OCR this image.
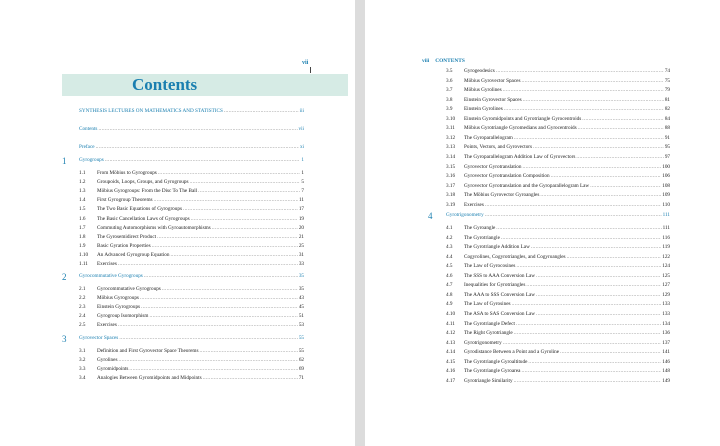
vii
Contents
SYNTHESIS LECTURES ON MATHEMATICS AND STATISTICS .....	iii
Contents .....	vii
Preface .....	xi
1 Gyrogroups .....	1
1.1	From Möbius to Gyrogroups .....	1
1.2	Groupoids, Loops, Groups, and Gyrogroups .....	5
1.3	Möbius Gyrogroups: From the Disc To The Ball .....	7
1.4	First Gyrogroup Theorems .....	11
1.5	The Two Basic Equations of Gyrogroups .....	17
1.6	The Basic Cancellation Laws of Gyrogroups .....	19
1.7	Commuting Automorphisms with Gyroautomorphisms .....	20
1.8	The Gyrosemidirect Product .....	21
1.9	Basic Gyration Properties .....	25
1.10	An Advanced Gyrogroup Equation .....	31
1.11	Exercises .....	33
2 Gyrocommutative Gyrogroups .....	35
2.1	Gyrocommutative Gyrogroups .....	35
2.2	Möbius Gyrogroups .....	43
2.3	Einstein Gyrogroups .....	45
2.4	Gyrogroup Isomorphism .....	51
2.5	Exercises .....	53
3 Gyrovector Spaces .....	55
3.1	Definition and First Gyrovector Space Theorems .....	55
3.2	Gyrolines .....	62
3.3	Gyromidpoints .....	69
3.4	Analogies Between Gyromidpoints and Midpoints .....	71
viii CONTENTS
3.5	Gyrogeodesics .....	74
3.6	Möbius Gyrovector Spaces .....	75
3.7	Möbius Gyrolines .....	79
3.8	Einstein Gyrovector Spaces .....	81
3.9	Einstein Gyrolines .....	82
3.10	Einstein Gyromidpoints and Gyrotriangle Gyrocentroids .....	84
3.11	Möbius Gyrotriangle Gyromedians and Gyrocentroids .....	88
3.12	The Gyroparallelogram .....	91
3.13	Points, Vectors, and Gyrovectors .....	95
3.14	The Gyroparallelogram Addition Law of Gyrovectors .....	97
3.15	Gyrovector Gyrotranslation .....	100
3.16	Gyrovector Gyrotranslation Composition .....	106
3.17	Gyrovector Gyrotranslation and the Gyroparallelogram Law .....	108
3.18	The Möbius Gyrovector Gyroangles .....	109
3.19	Exercises .....	110
4	Gyrotrigonometry .....	111
4.1	The Gyroangle .....	111
4.2	The Gyrotriangle .....	116
4.3	The Gyrotriangle Addition Law .....	119
4.4	Cogyrolines, Cogyrotriangles, and Cogyroangles .....	122
4.5	The Law of Gyrocosines .....	124
4.6	The SSS to AAA Conversion Law .....	125
4.7	Inequalities for Gyrotriangles .....	127
4.8	The AAA to SSS Conversion Law .....	129
4.9	The Law of Gyrosines .....	133
4.10	The ASA to SAS Conversion Law .....	133
4.11	The Gyrotriangle Defect .....	134
4.12	The Right Gyrotriangle .....	136
4.13	Gyrotrigonometry .....	137
4.14	Gyrodistance Between a Point and a Gyroline .....	141
4.15	The Gyrotriangle Gyroaltitude .....	146
4.16	The Gyrotriangle Gyroarea .....	148
4.17	Gyrotriangle Similarity .....	149
